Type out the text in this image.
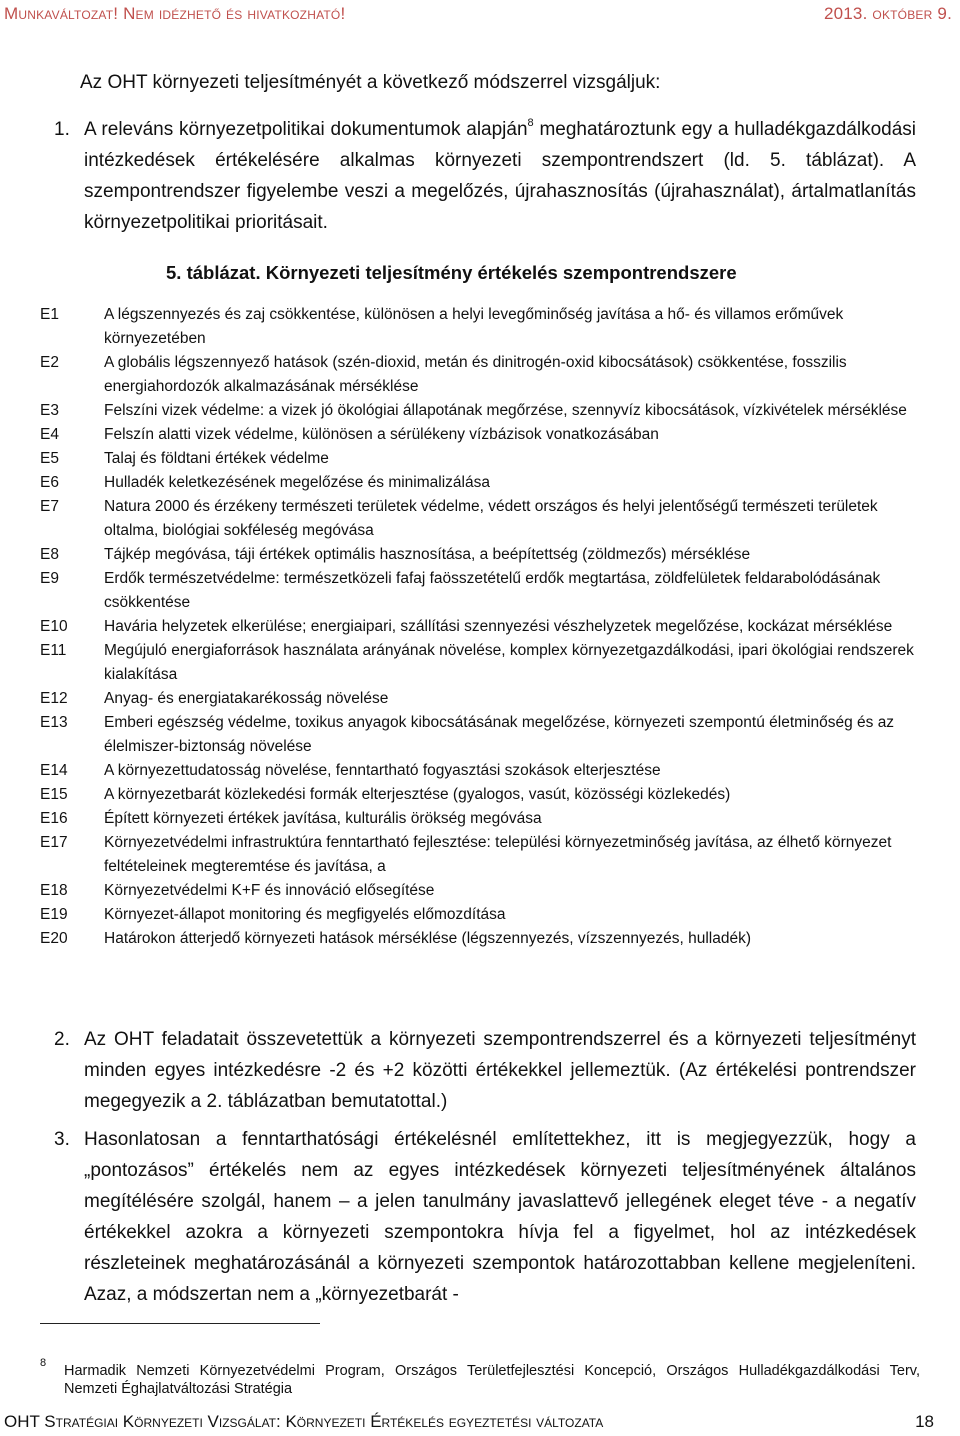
Munkaváltozat! Nem idézhető és hivatkozható!	2013. október 9.
Az OHT környezeti teljesítményét a következő módszerrel vizsgáljuk:
1. A releváns környezetpolitikai dokumentumok alapján$^8$ meghatároztunk egy a hulladékgazdálkodási intézkedések értékelésére alkalmas környezeti szempontrendszert (ld. 5. táblázat). A szempontrendszer figyelembe veszi a megelőzés, újrahasznosítás (újrahasználat), ártalmatlanítás környezetpolitikai prioritásait.
5. táblázat. Környezeti teljesítmény értékelés szempontrendszere
E1	A légszennyezés és zaj csökkentése, különösen a helyi levegőminőség javítása a hő- és villamos erőművek környezetében
E2	A globális légszennyező hatások (szén-dioxid, metán és dinitrogén-oxid kibocsátások) csökkentése, fosszilis energiahordozók alkalmazásának mérséklése
E3	Felszíni vizek védelme: a vizek jó ökológiai állapotának megőrzése, szennyvíz kibocsátások, vízkivételek mérséklése
E4	Felszín alatti vizek védelme, különösen a sérülékeny vízbázisok vonatkozásában
E5	Talaj és földtani értékek védelme
E6	Hulladék keletkezésének megelőzése és minimalizálása
E7	Natura 2000 és érzékeny természeti területek védelme, védett országos és helyi jelentőségű természeti területek oltalma, biológiai sokféleség megóvása
E8	Tájkép megóvása, táji értékek optimális hasznosítása, a beépítettség (zöldmezős) mérséklése
E9	Erdők természetvédelme: természetközeli fafaj faösszetételű erdők megtartása, zöldfelületek feldarabolódásának csökkentése
E10	Havária helyzetek elkerülése; energiaipari, szállítási szennyezési vészhelyzetek megelőzése, kockázat mérséklése
E11	Megújuló energiaforrások használata arányának növelése, komplex környezetgazdálkodási, ipari ökológiai rendszerek kialakítása
E12	Anyag- és energiatakarékosság növelése
E13	Emberi egészség védelme, toxikus anyagok kibocsátásának megelőzése, környezeti szempontú életminőség és az élelmiszer-biztonság növelése
E14	A környezettudatosság növelése, fenntartható fogyasztási szokások elterjesztése
E15	A környezetbarát közlekedési formák elterjesztése (gyalogos, vasút, közösségi közlekedés)
E16	Épített környezeti értékek javítása, kulturális örökség megóvása
E17	Környezetvédelmi infrastruktúra fenntartható fejlesztése: települési környezetminőség javítása, az élhető környezet feltételeinek megteremtése és javítása, a
E18	Környezetvédelmi K+F és innováció elősegítése
E19	Környezet-állapot monitoring és megfigyelés előmozdítása
E20	Határokon átterjedő környezeti hatások mérséklése (légszennyezés, vízszennyezés, hulladék)
2. Az OHT feladatait összevetettük a környezeti szempontrendszerrel és a környezeti teljesítményt minden egyes intézkedésre -2 és +2 közötti értékekkel jellemeztük. (Az értékelési pontrendszer megegyezik a 2. táblázatban bemutatottal.)
3. Hasonlatosan a fenntarthatósági értékelésnél említettekhez, itt is megjegyezzük, hogy a „pontozásos” értékelés nem az egyes intézkedések környezeti teljesítményének általános megítélésére szolgál, hanem – a jelen tanulmány javaslattevő jellegének eleget téve - a negatív értékekkel azokra a környezeti szempontokra hívja fel a figyelmet, hol az intézkedések részleteinek meghatározásánál a környezeti szempontok határozottabban kellene megjeleníteni. Azaz, a módszertan nem a „környezetbarát -
8 Harmadik Nemzeti Környezetvédelmi Program, Országos Területfejlesztési Koncepció, Országos Hulladékgazdálkodási Terv, Nemzeti Éghajlatváltozási Stratégia
OHT Stratégiai Környezeti Vizsgálat: Környezeti Értékelés egyeztetési változata	18
